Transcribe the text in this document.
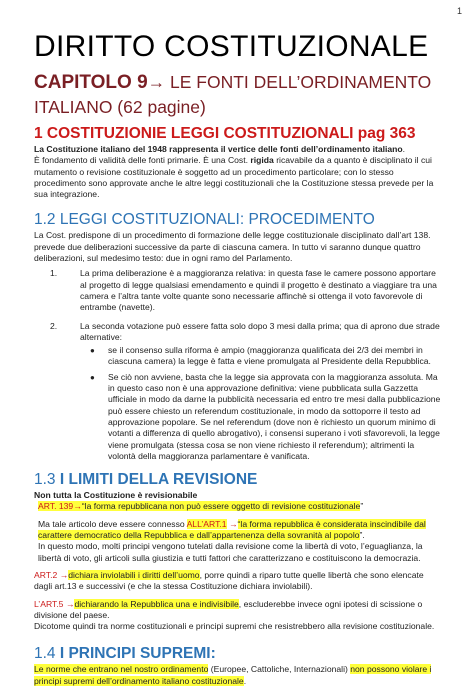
1
DIRITTO COSTITUZIONALE
CAPITOLO 9→ LE FONTI DELL’ORDINAMENTO
ITALIANO (62 pagine)
1 COSTITUZIONIE LEGGI COSTITUZIONALI pag 363

La Costituzione italiano del 1948 rappresenta il vertice delle fonti dell’ordinamento italiano.

È fondamento di validità delle fonti primarie. È una Cost. rigida ricavabile da a quanto è disciplinato il cui mutamento o revisione costituzionale è soggetto ad un procedimento particolare; con lo stesso procedimento sono approvate anche le altre leggi costituzionali che la Costituzione stessa prevede per la sua integrazione.

1.2 LEGGI COSTITUZIONALI: PROCEDIMENTO

La Cost. predispone di un procedimento di formazione delle legge costituzionale disciplinato dall’art 138.

prevede due deliberazioni successive da parte di ciascuna camera. In tutto vi saranno dunque quattro deliberazioni, sul medesimo testo: due in ogni ramo del Parlamento.

1.	La prima deliberazione è a maggioranza relativa: in questa fase le camere possono apportare al progetto di legge qualsiasi emendamento e quindi il progetto è destinato a viaggiare tra una camera e l’altra tante volte quante sono necessarie affinchè si ottenga il voto favorevole di entrambe (navette).
2.	La seconda votazione può essere fatta solo dopo 3 mesi dalla prima; qua di aprono due strade alternative:
●	se il consenso sulla riforma è ampio (maggioranza qualificata dei 2/3 dei membri in ciascuna camera) la legge è fatta e viene promulgata al Presidente della Repubblica.
●	Se ciò non avviene, basta che la legge sia approvata con la maggioranza assoluta. Ma in questo caso non è una approvazione definitiva: viene pubblicata sulla Gazzetta ufficiale in modo da darne la pubblicità necessaria ed entro tre mesi dalla pubblicazione può essere chiesto un referendum costituzionale, in modo da sottoporre il testo ad approvazione popolare. Se nel referendum (dove non è richiesto un quorum minimo di votanti a differenza di quello abrogativo), i consensi superano i voti sfavorevoli, la legge viene promulgata (stessa cosa se non viene richiesto il referendum); altrimenti la volontà della maggioranza parlamentare è vanificata.
1.3 I LIMITI DELLA REVISIONE

Non tutta la Costituzione è revisionabile

ART. 139→“la forma repubblicana non può essere oggetto di revisione costituzionale”

Ma tale articolo deve essere connesso ALL’ART.1 →“la forma repubblica è considerata inscindibile dal carattere democratico della Repubblica e dall’appartenenza della sovranità al popolo”.

In questo modo, molti principi vengono tutelati dalla revisione come la libertà di voto, l’eguaglianza, la libertà di voto, gli articoli sulla giustizia e tutti fattori che caratterizzano e costituiscono la democrazia.

ART.2 →dichiara inviolabili i diritti dell’uomo, porre quindi a riparo tutte quelle libertà che sono elencate dagli art.13 e successivi (e che la stessa Costituzione dichiara inviolabili).

L’ART.5 →dichiarando la Repubblica una e indivisibile, escluderebbe invece ogni ipotesi di scissione o divisione del paese.

Dicotome quindi tra norme costituzionali e principi supremi che resistrebbero alla revisione costituzionale.

1.4 I PRINCIPI SUPREMI:

Le norme che entrano nel nostro ordinamento (Europee, Cattoliche, Internazionali) non possono violare i principi supremi dell’ordinamento italiano costituzionale.
